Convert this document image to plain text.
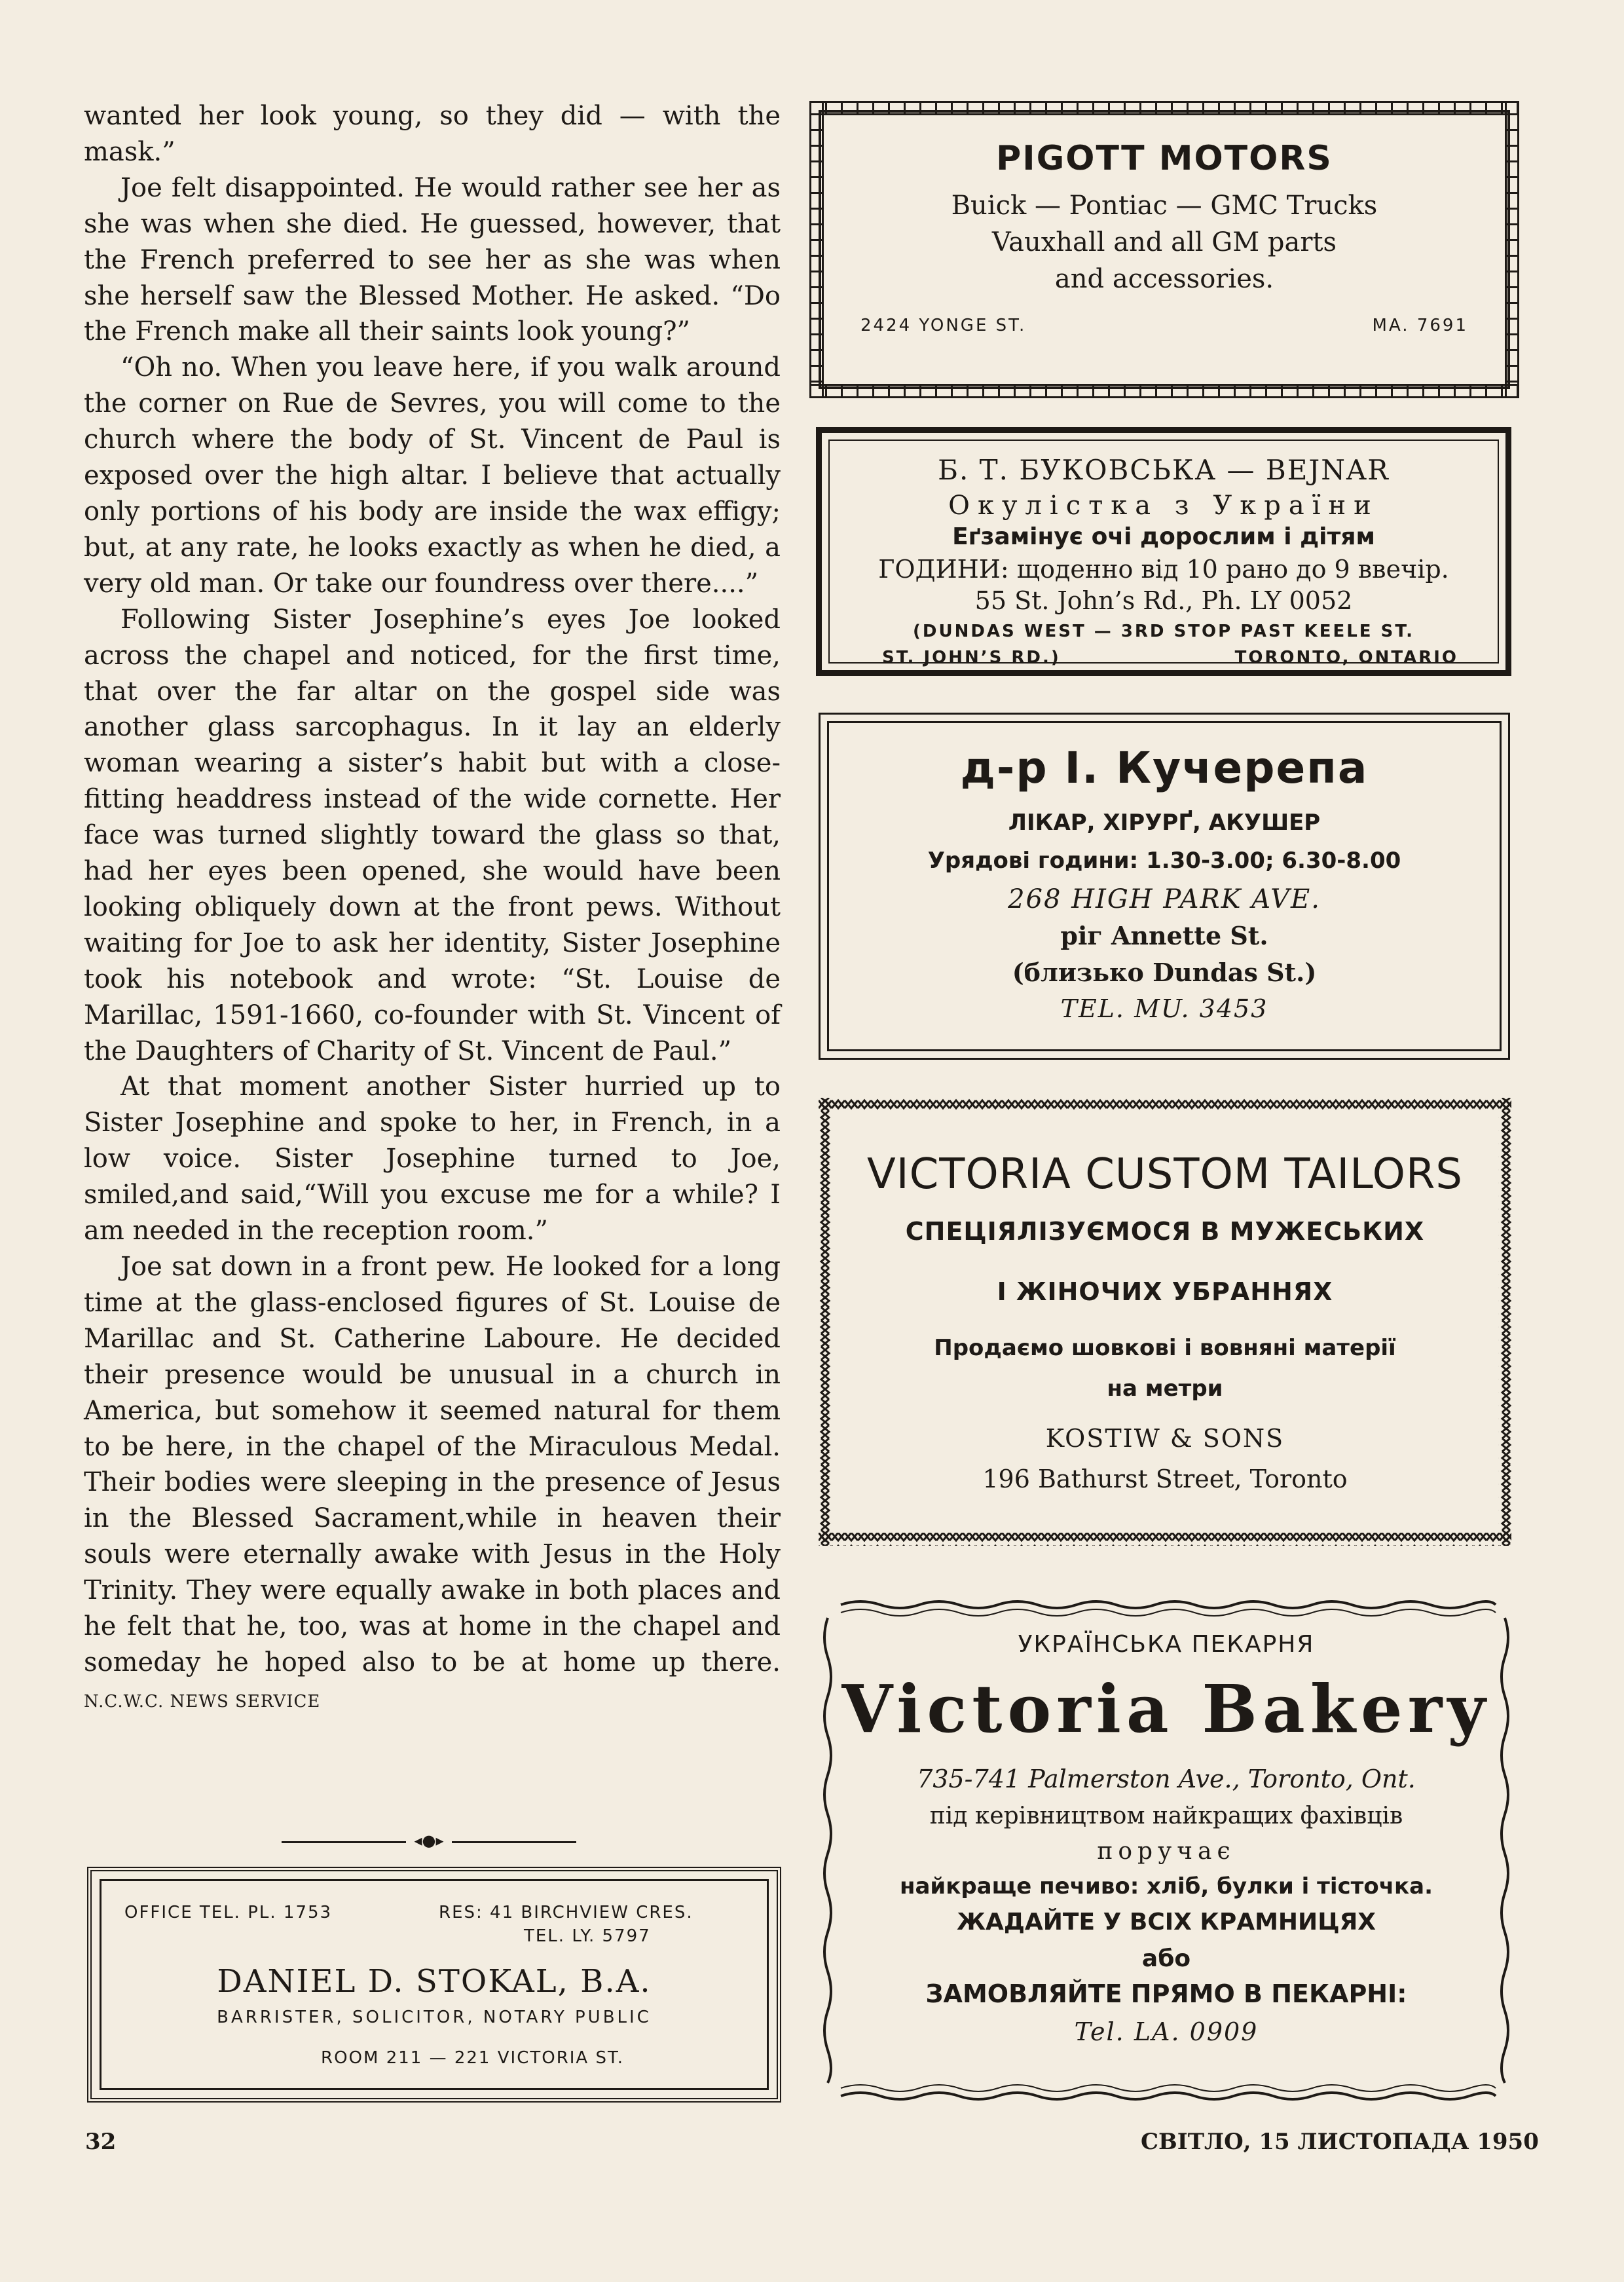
wanted her look young, so they did — with the mask.”

Joe felt disappointed. He would rather see her as she was when she died. He guessed, however, that the French preferred to see her as she was when she herself saw the Blessed Mother. He asked. “Do the French make all their saints look young?”

“Oh no. When you leave here, if you walk around the corner on Rue de Sevres, you will come to the church where the body of St. Vincent de Paul is exposed over the high altar. I believe that actually only portions of his body are inside the wax effigy; but, at any rate, he looks exactly as when he died, a very old man. Or take our foundress over there....”

Following Sister Josephine’s eyes Joe looked across the chapel and noticed, for the first time, that over the far altar on the gospel side was another glass sarcophagus. In it lay an elderly woman wearing a sister’s habit but with a close-fitting headdress instead of the wide cornette. Her face was turned slightly toward the glass so that, had her eyes been opened, she would have been looking obliquely down at the front pews. Without waiting for Joe to ask her identity, Sister Josephine took his notebook and wrote: “St. Louise de Marillac, 1591-1660, co-founder with St. Vincent of the Daughters of Charity of St. Vincent de Paul.”

At that moment another Sister hurried up to Sister Josephine and spoke to her, in French, in a low voice. Sister Josephine turned to Joe, smiled,and said,“Will you excuse me for a while? I am needed in the reception room.”

Joe sat down in a front pew. He looked for a long time at the glass-enclosed figures of St. Louise de Marillac and St. Catherine Laboure. He decided their presence would be unusual in a church in America, but somehow it seemed natural for them to be here, in the chapel of the Miraculous Medal. Their bodies were sleeping in the presence of Jesus in the Blessed Sacrament,while in heaven their souls were eternally awake with Jesus in the Holy Trinity. They were equally awake in both places and he felt that he, too, was at home in the chapel and someday he hoped also to be at home up there. N.C.W.C. NEWS SERVICE

◂●▸
OFFICE TEL. PL. 1753	RES: 41 BIRCHVIEW CRES.
TEL. LY. 5797
DANIEL D. STOKAL, B.A.
BARRISTER, SOLICITOR, NOTARY PUBLIC
ROOM 211 — 221 VICTORIA ST.
PIGOTT MOTORS
Buick — Pontiac — GMC Trucks
Vauxhall and all GM parts
and accessories.
2424 YONGE ST.	MA. 7691
Б. Т. БУКОВСЬКА — BEJNAR
Окулістка з України
Еґзамінує очі дорослим і дітям
ГОДИНИ: щоденно від 10 рано до 9 ввечір.
55 St. John’s Rd., Ph. LY 0052
(DUNDAS WEST — 3RD STOP PAST KEELE ST.
ST. JOHN’S RD.)	TORONTO, ONTARIO
д-р І. Кучерепа
ЛІКАР, ХІРУРҐ, АКУШЕР
Урядові години: 1.30-3.00; 6.30-8.00
268 HIGH PARK AVE.
ріг Annette St.
(близько Dundas St.)
TEL. MU. 3453
VICTORIA CUSTOM TAILORS
СПЕЦІЯЛІЗУЄМОСЯ В МУЖЕСЬКИХ
І ЖІНОЧИХ УБРАННЯХ
Продаємо шовкові і вовняні матерії
на метри
KOSTIW & SONS
196 Bathurst Street, Toronto
УКРАЇНСЬКА ПЕКАРНЯ
Victoria Bakery
735-741 Palmerston Ave., Toronto, Ont.
під керівництвом найкращих фахівців
поручає
найкраще печиво: хліб, булки і тісточка.
ЖАДАЙТЕ У ВСІХ КРАМНИЦЯХ
або
ЗАМОВЛЯЙТЕ ПРЯМО В ПЕКАРНІ:
Tel. LA. 0909
32	СВІТЛО, 15 ЛИСТОПАДА 1950
